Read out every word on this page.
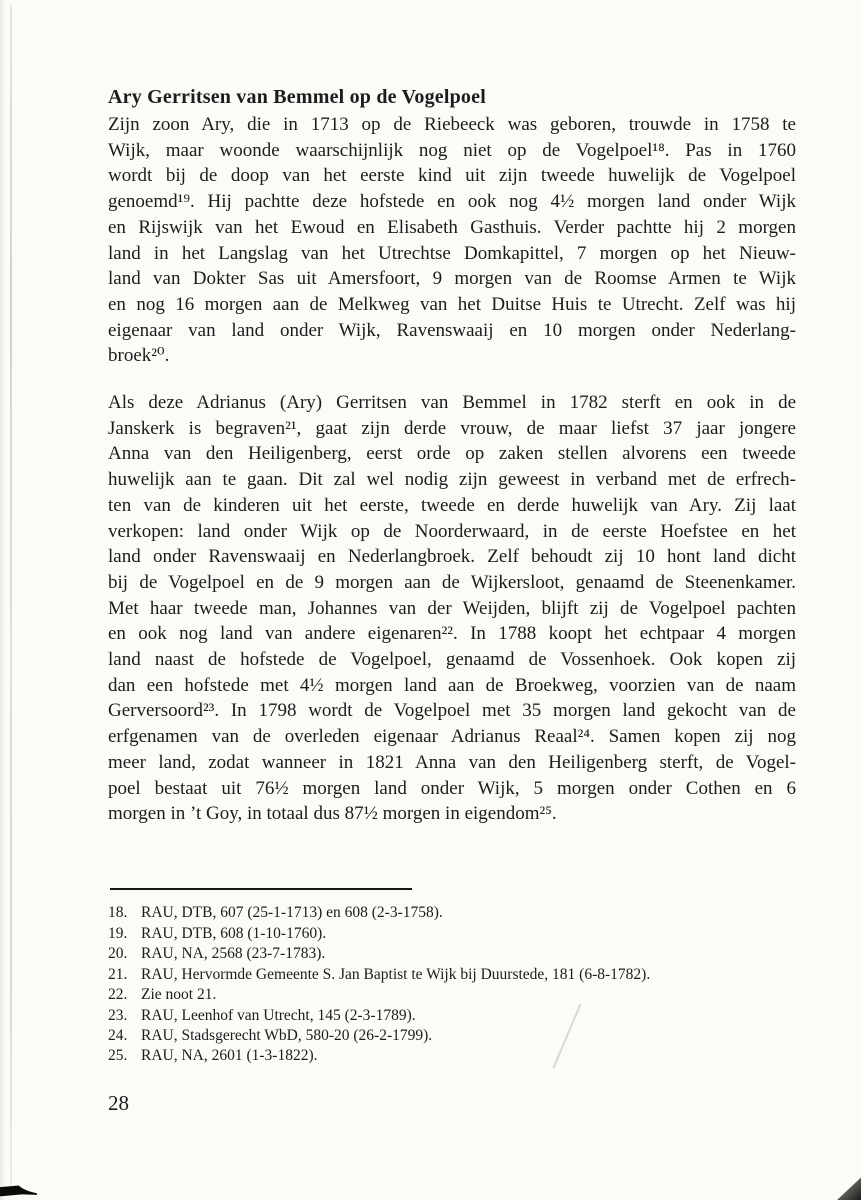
Ary Gerritsen van Bemmel op de Vogelpoel
Zijn zoon Ary, die in 1713 op de Riebeeck was geboren, trouwde in 1758 te
Wijk, maar woonde waarschijnlijk nog niet op de Vogelpoel¹⁸. Pas in 1760
wordt bij de doop van het eerste kind uit zijn tweede huwelijk de Vogelpoel
genoemd¹⁹. Hij pachtte deze hofstede en ook nog 4½ morgen land onder Wijk
en Rijswijk van het Ewoud en Elisabeth Gasthuis. Verder pachtte hij 2 morgen
land in het Langslag van het Utrechtse Domkapittel, 7 morgen op het Nieuw-
land van Dokter Sas uit Amersfoort, 9 morgen van de Roomse Armen te Wijk
en nog 16 morgen aan de Melkweg van het Duitse Huis te Utrecht. Zelf was hij
eigenaar van land onder Wijk, Ravenswaaij en 10 morgen onder Nederlang-
broek²⁰.
Als deze Adrianus (Ary) Gerritsen van Bemmel in 1782 sterft en ook in de
Janskerk is begraven²¹, gaat zijn derde vrouw, de maar liefst 37 jaar jongere
Anna van den Heiligenberg, eerst orde op zaken stellen alvorens een tweede
huwelijk aan te gaan. Dit zal wel nodig zijn geweest in verband met de erfrech-
ten van de kinderen uit het eerste, tweede en derde huwelijk van Ary. Zij laat
verkopen: land onder Wijk op de Noorderwaard, in de eerste Hoefstee en het
land onder Ravenswaaij en Nederlangbroek. Zelf behoudt zij 10 hont land dicht
bij de Vogelpoel en de 9 morgen aan de Wijkersloot, genaamd de Steenenkamer.
Met haar tweede man, Johannes van der Weijden, blijft zij de Vogelpoel pachten
en ook nog land van andere eigenaren²². In 1788 koopt het echtpaar 4 morgen
land naast de hofstede de Vogelpoel, genaamd de Vossenhoek. Ook kopen zij
dan een hofstede met 4½ morgen land aan de Broekweg, voorzien van de naam
Gerversoord²³. In 1798 wordt de Vogelpoel met 35 morgen land gekocht van de
erfgenamen van de overleden eigenaar Adrianus Reaal²⁴. Samen kopen zij nog
meer land, zodat wanneer in 1821 Anna van den Heiligenberg sterft, de Vogel-
poel bestaat uit 76½ morgen land onder Wijk, 5 morgen onder Cothen en 6
morgen in ’t Goy, in totaal dus 87½ morgen in eigendom²⁵.
18. RAU, DTB, 607 (25-1-1713) en 608 (2-3-1758).
19. RAU, DTB, 608 (1-10-1760).
20. RAU, NA, 2568 (23-7-1783).
21. RAU, Hervormde Gemeente S. Jan Baptist te Wijk bij Duurstede, 181 (6-8-1782).
22. Zie noot 21.
23. RAU, Leenhof van Utrecht, 145 (2-3-1789).
24. RAU, Stadsgerecht WbD, 580-20 (26-2-1799).
25. RAU, NA, 2601 (1-3-1822).
28
